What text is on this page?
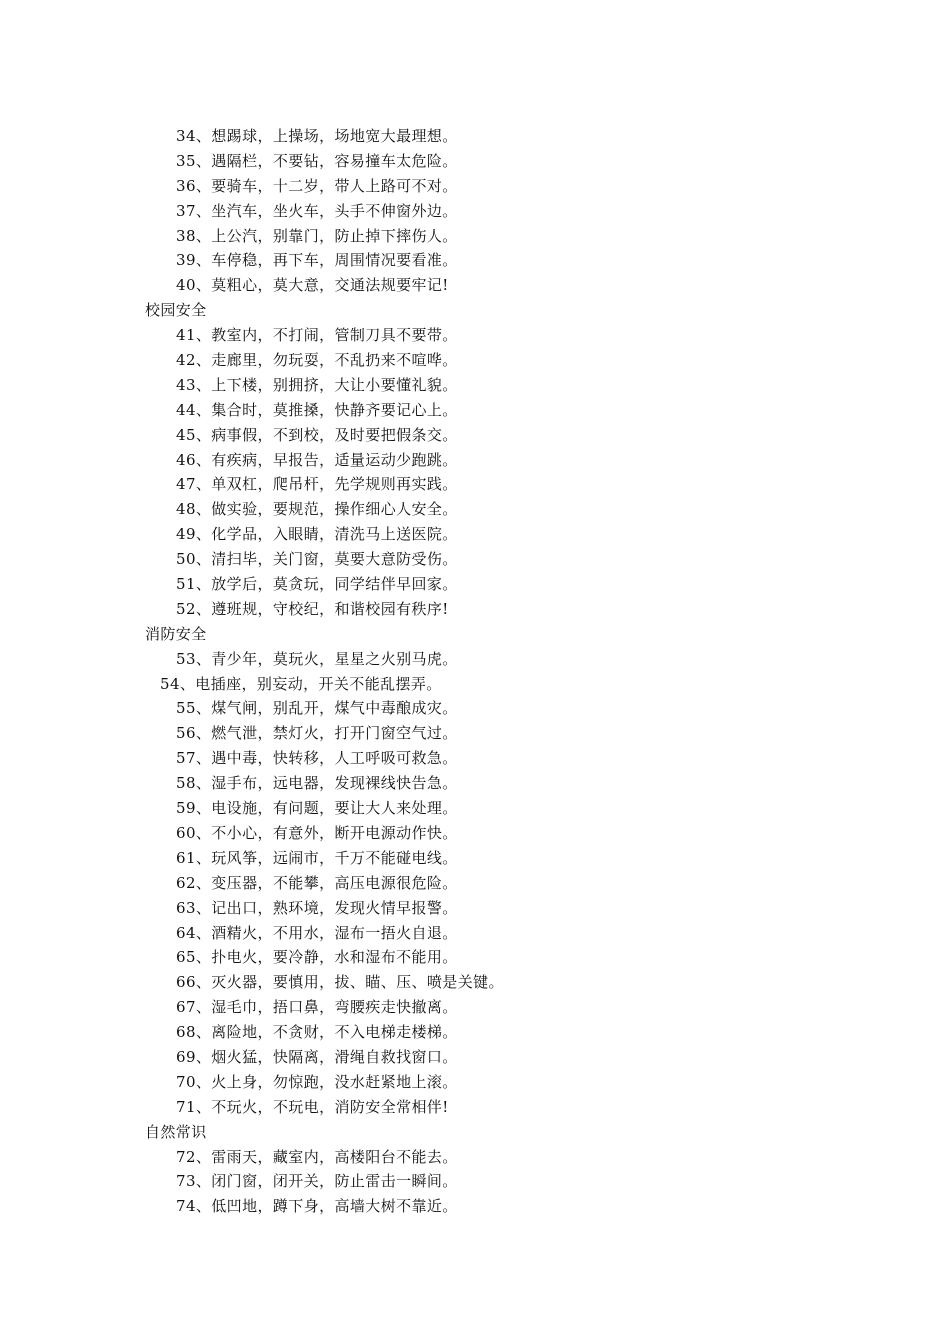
34、想踢球，上操场，场地宽大最理想。
35、遇隔栏，不要钻，容易撞车太危险。
36、要骑车，十二岁，带人上路可不对。
37、坐汽车，坐火车，头手不伸窗外边。
38、上公汽，别靠门，防止掉下摔伤人。
39、车停稳，再下车，周围情况要看准。
40、莫粗心，莫大意，交通法规要牢记!
校园安全
41、教室内，不打闹，管制刀具不要带。
42、走廊里，勿玩耍，不乱扔来不喧哗。
43、上下楼，别拥挤，大让小要懂礼貌。
44、集合时，莫推搡，快静齐要记心上。
45、病事假，不到校，及时要把假条交。
46、有疾病，早报告，适量运动少跑跳。
47、单双杠，爬吊杆，先学规则再实践。
48、做实验，要规范，操作细心人安全。
49、化学品，入眼睛，清洗马上送医院。
50、清扫毕，关门窗，莫要大意防受伤。
51、放学后，莫贪玩，同学结伴早回家。
52、遵班规，守校纪，和谐校园有秩序!
消防安全
53、青少年，莫玩火，星星之火别马虎。
54、电插座，别妄动，开关不能乱摆弄。
55、煤气闸，别乱开，煤气中毒酿成灾。
56、燃气泄，禁灯火，打开门窗空气过。
57、遇中毒，快转移，人工呼吸可救急。
58、湿手布，远电器，发现裸线快告急。
59、电设施，有问题，要让大人来处理。
60、不小心，有意外，断开电源动作快。
61、玩风筝，远闹市，千万不能碰电线。
62、变压器，不能攀，高压电源很危险。
63、记出口，熟环境，发现火情早报警。
64、酒精火，不用水，湿布一捂火自退。
65、扑电火，要冷静，水和湿布不能用。
66、灭火器，要慎用，拔、瞄、压、喷是关键。
67、湿毛巾，捂口鼻，弯腰疾走快撤离。
68、离险地，不贪财，不入电梯走楼梯。
69、烟火猛，快隔离，滑绳自救找窗口。
70、火上身，勿惊跑，没水赶紧地上滚。
71、不玩火，不玩电，消防安全常相伴!
自然常识
72、雷雨天，藏室内，高楼阳台不能去。
73、闭门窗，闭开关，防止雷击一瞬间。
74、低凹地，蹲下身，高墙大树不靠近。
